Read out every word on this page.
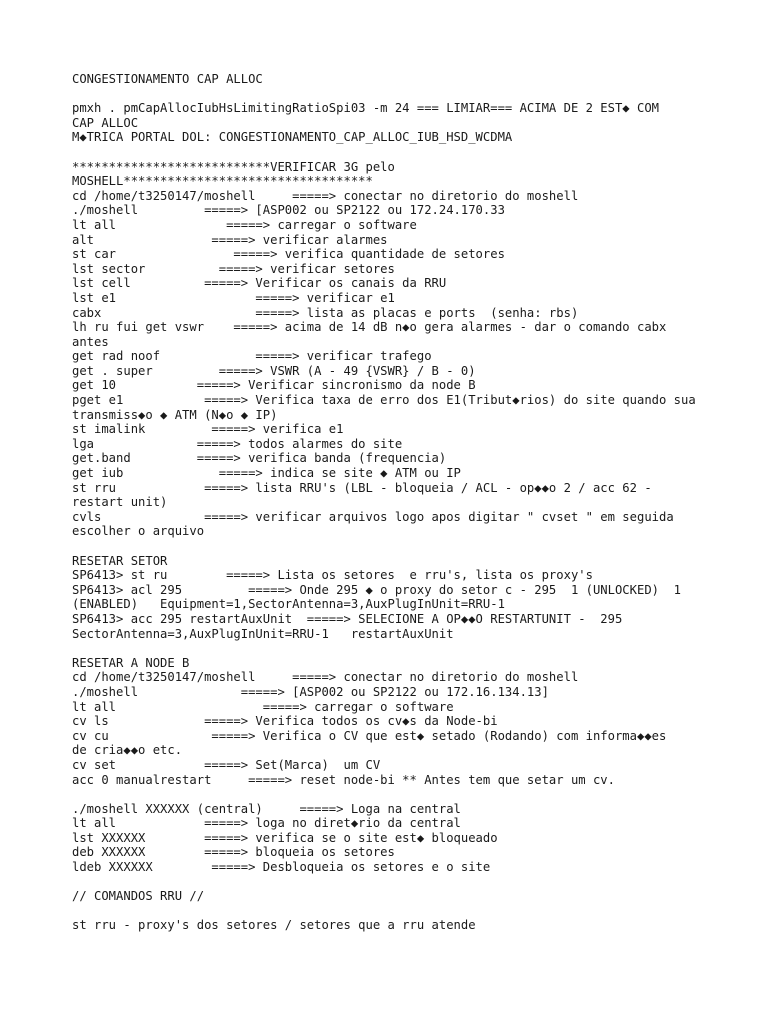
CONGESTIONAMENTO CAP ALLOC
pmxh . pmCapAllocIubHsLimitingRatioSpi03 -m 24 === LIMIAR=== ACIMA DE 2 EST◆ COM
CAP ALLOC
M◆TRICA PORTAL DOL: CONGESTIONAMENTO_CAP_ALLOC_IUB_HSD_WCDMA
***************************VERIFICAR 3G pelo
MOSHELL**********************************
cd /home/t3250147/moshell     =====> conectar no diretorio do moshell
./moshell         =====> [ASP002 ou SP2122 ou 172.24.170.33
lt all               =====> carregar o software
alt                =====> verificar alarmes
st car                =====> verifica quantidade de setores
lst sector          =====> verificar setores
lst cell          =====> Verificar os canais da RRU
lst e1                   =====> verificar e1
cabx                     =====> lista as placas e ports  (senha: rbs)
lh ru fui get vswr    =====> acima de 14 dB n◆o gera alarmes - dar o comando cabx
antes
get rad noof             =====> verificar trafego
get . super         =====> VSWR (A - 49 {VSWR} / B - 0)
get 10           =====> Verificar sincronismo da node B
pget e1           =====> Verifica taxa de erro dos E1(Tribut◆rios) do site quando sua
transmiss◆o ◆ ATM (N◆o ◆ IP)
st imalink         =====> verifica e1
lga              =====> todos alarmes do site
get.band         =====> verifica banda (frequencia)
get iub             =====> indica se site ◆ ATM ou IP
st rru            =====> lista RRU's (LBL - bloqueia / ACL - op◆◆o 2 / acc 62 -
restart unit)
cvls              =====> verificar arquivos logo apos digitar " cvset " em seguida
escolher o arquivo
RESETAR SETOR
SP6413> st ru        =====> Lista os setores  e rru's, lista os proxy's
SP6413> acl 295         =====> Onde 295 ◆ o proxy do setor c - 295  1 (UNLOCKED)  1
(ENABLED)   Equipment=1,SectorAntenna=3,AuxPlugInUnit=RRU-1
SP6413> acc 295 restartAuxUnit  =====> SELECIONE A OP◆◆O RESTARTUNIT -  295
SectorAntenna=3,AuxPlugInUnit=RRU-1   restartAuxUnit
RESETAR A NODE B
cd /home/t3250147/moshell     =====> conectar no diretorio do moshell
./moshell              =====> [ASP002 ou SP2122 ou 172.16.134.13]
lt all                    =====> carregar o software
cv ls             =====> Verifica todos os cv◆s da Node-bi
cv cu              =====> Verifica o CV que est◆ setado (Rodando) com informa◆◆es
de cria◆◆o etc.
cv set            =====> Set(Marca)  um CV
acc 0 manualrestart     =====> reset node-bi ** Antes tem que setar um cv.
./moshell XXXXXX (central)     =====> Loga na central
lt all            =====> loga no diret◆rio da central
lst XXXXXX        =====> verifica se o site est◆ bloqueado
deb XXXXXX        =====> bloqueia os setores
ldeb XXXXXX        =====> Desbloqueia os setores e o site
// COMANDOS RRU //
st rru - proxy's dos setores / setores que a rru atende
